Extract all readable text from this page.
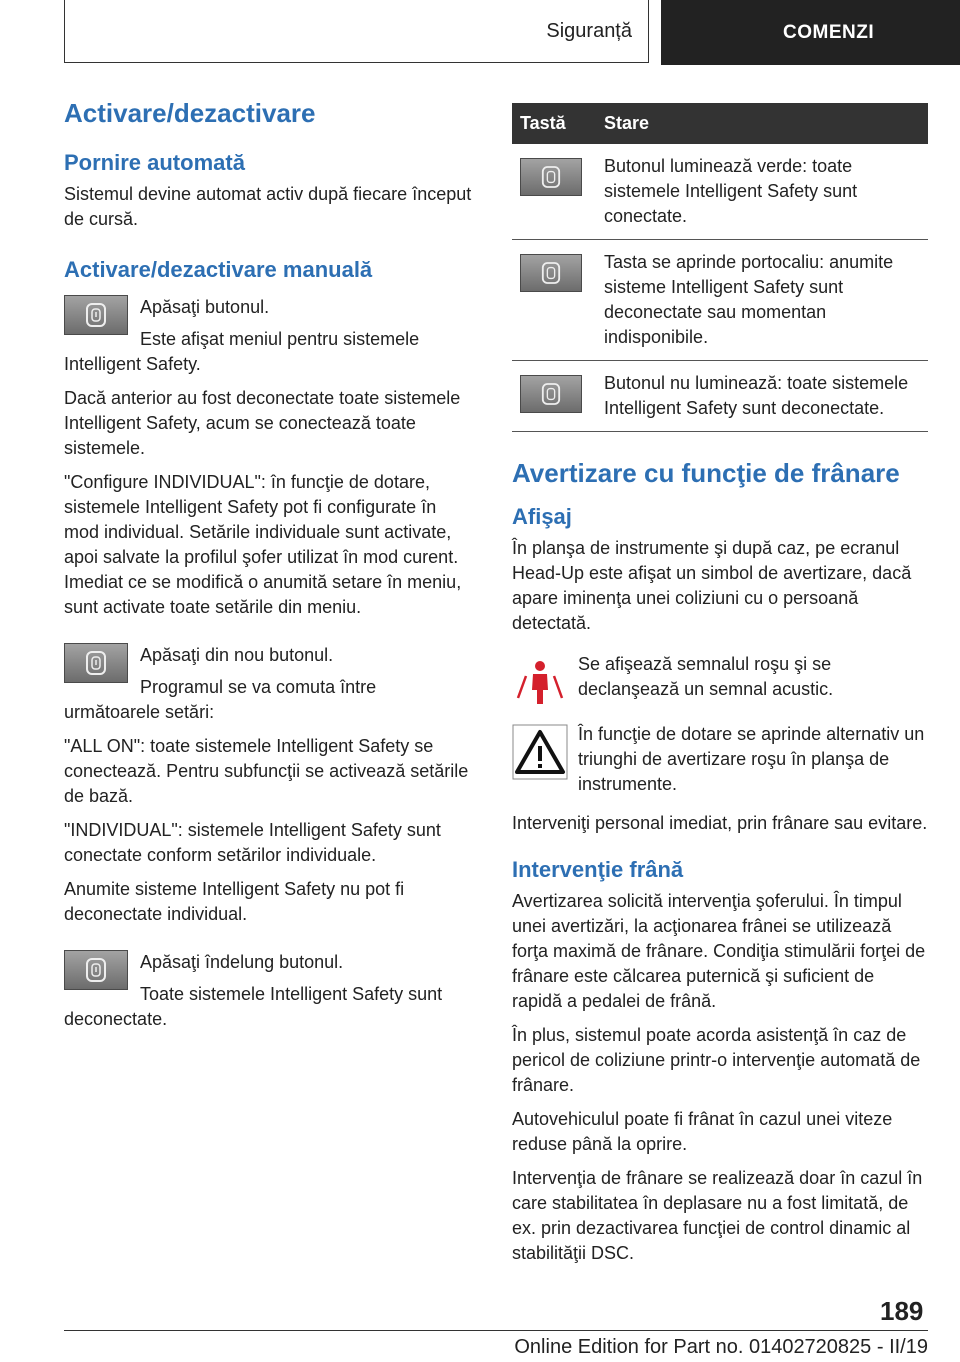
Siguranță	COMENZI
Activare/dezactivare
Pornire automată
Sistemul devine automat activ după fiecare început de cursă.
Activare/dezactivare manuală
Apăsaţi butonul.
Este afişat meniul pentru sistemele Intelligent Safety.
Dacă anterior au fost deconectate toate sistemele Intelligent Safety, acum se conectează toate sistemele.
"Configure INDIVIDUAL": în funcţie de dotare, sistemele Intelligent Safety pot fi configurate în mod individual. Setările individuale sunt activate, apoi salvate la profilul şofer utilizat în mod curent. Imediat ce se modifică o anumită setare în meniu, sunt activate toate setările din meniu.
Apăsaţi din nou butonul.
Programul se va comuta între următoarele setări:
"ALL ON": toate sistemele Intelligent Safety se conectează. Pentru subfuncţii se activează setările de bază.
"INDIVIDUAL": sistemele Intelligent Safety sunt conectate conform setărilor individuale.
Anumite sisteme Intelligent Safety nu pot fi deconectate individual.
Apăsaţi îndelung butonul.
Toate sistemele Intelligent Safety sunt deconectate.
Tastă	Stare

	Butonul luminează verde: toate sistemele Intelligent Safety sunt conectate.

	Tasta se aprinde portocaliu: anumite sisteme Intelligent Safety sunt deconectate sau momentan indisponibile.

	Butonul nu luminează: toate sistemele Intelligent Safety sunt deconectate.
Avertizare cu funcţie de frânare
Afişaj
În planşa de instrumente şi după caz, pe ecranul Head-Up este afişat un simbol de avertizare, dacă apare iminenţa unei coliziuni cu o persoană detectată.
Se afişează semnalul roşu şi se declanşează un semnal acustic.
În funcţie de dotare se aprinde alternativ un triunghi de avertizare roşu în planşa de instrumente.
Interveniţi personal imediat, prin frânare sau evitare.
Intervenţie frână
Avertizarea solicită intervenţia şoferului. În timpul unei avertizări, la acţionarea frânei se utilizează forţa maximă de frânare. Condiţia stimulării forţei de frânare este călcarea puternică şi suficient de rapidă a pedalei de frână.
În plus, sistemul poate acorda asistenţă în caz de pericol de coliziune printr-o intervenţie automată de frânare.
Autovehiculul poate fi frânat în cazul unei viteze reduse până la oprire.
Intervenţia de frânare se realizează doar în cazul în care stabilitatea în deplasare nu a fost limitată, de ex. prin dezactivarea funcţiei de control dinamic al stabilităţii DSC.
189
Online Edition for Part no. 01402720825 - II/19
